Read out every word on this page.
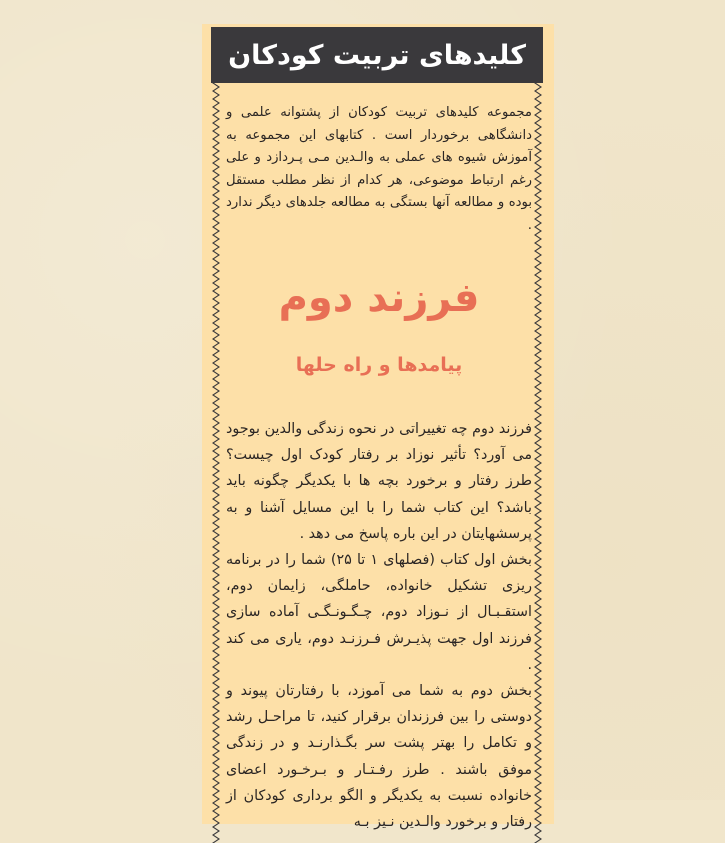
کلیدهای تربیت کودکان
مجموعه کلیدهای تربیت کودکان از پشتوانه علمی و دانشگاهی برخوردار است . کتابهای این مجموعه به آموزش شیوه های عملی به والـدین مـی پـردازد و علی رغم ارتباط موضوعی، هر کدام از نظر مطلب مستقل بوده و مطالعه آنها بستگی به مطالعه جلدهای دیگر ندارد .
فرزند دوم
پیامدها و راه حلها

فرزند دوم چه تغییراتی در نحوه زندگی والدین بوجود می آورد؟ تأثیر نوزاد بر رفتار کودک اول چیست؟ طرز رفتار و برخورد بچه ها با یکدیگر چگونه باید باشد؟ این کتاب شما را با این مسایل آشنا و به پرسشهایتان در این باره پاسخ می دهد .

بخش اول کتاب (فصلهای ۱ تا ۲۵) شما را در برنامه ریزی تشکیل خانواده، حاملگی، زایمان دوم، استقـبـال از نـوزاد دوم، چـگـونـگـی آماده سازی فرزند اول جهت پذیـرش فـرزنـد دوم، یاری می کند .

بخش دوم به شما می آموزد، با رفتارتان پیوند و دوستی را بین فرزندان برقرار کنید، تا مراحـل رشد و تکامل را بهتر پشت سر بگـذارنـد و در زندگی موفق باشند . طرز رفـتـار و بـرخـورد اعضای خانواده نسبت به یکدیگر و الگو برداری کودکان از رفتار و برخورد والـدین نـیز بـه
